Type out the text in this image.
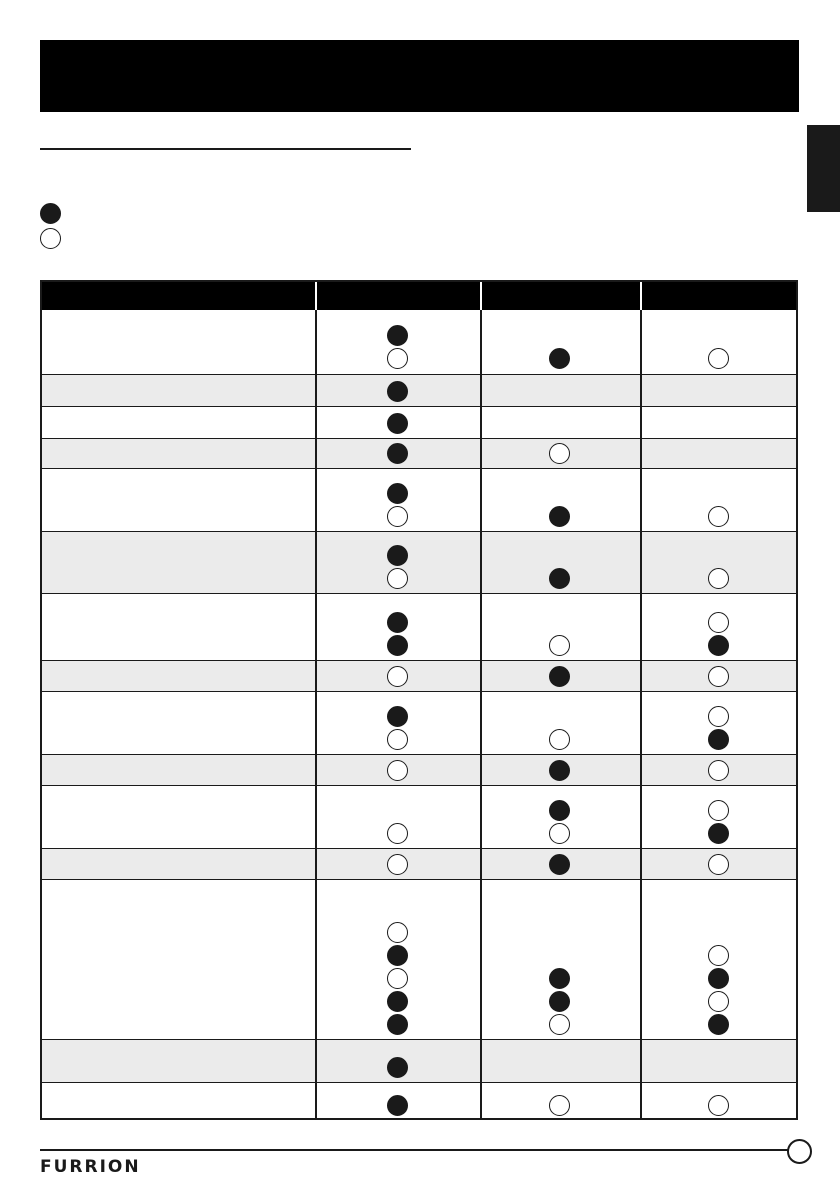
FURRION
